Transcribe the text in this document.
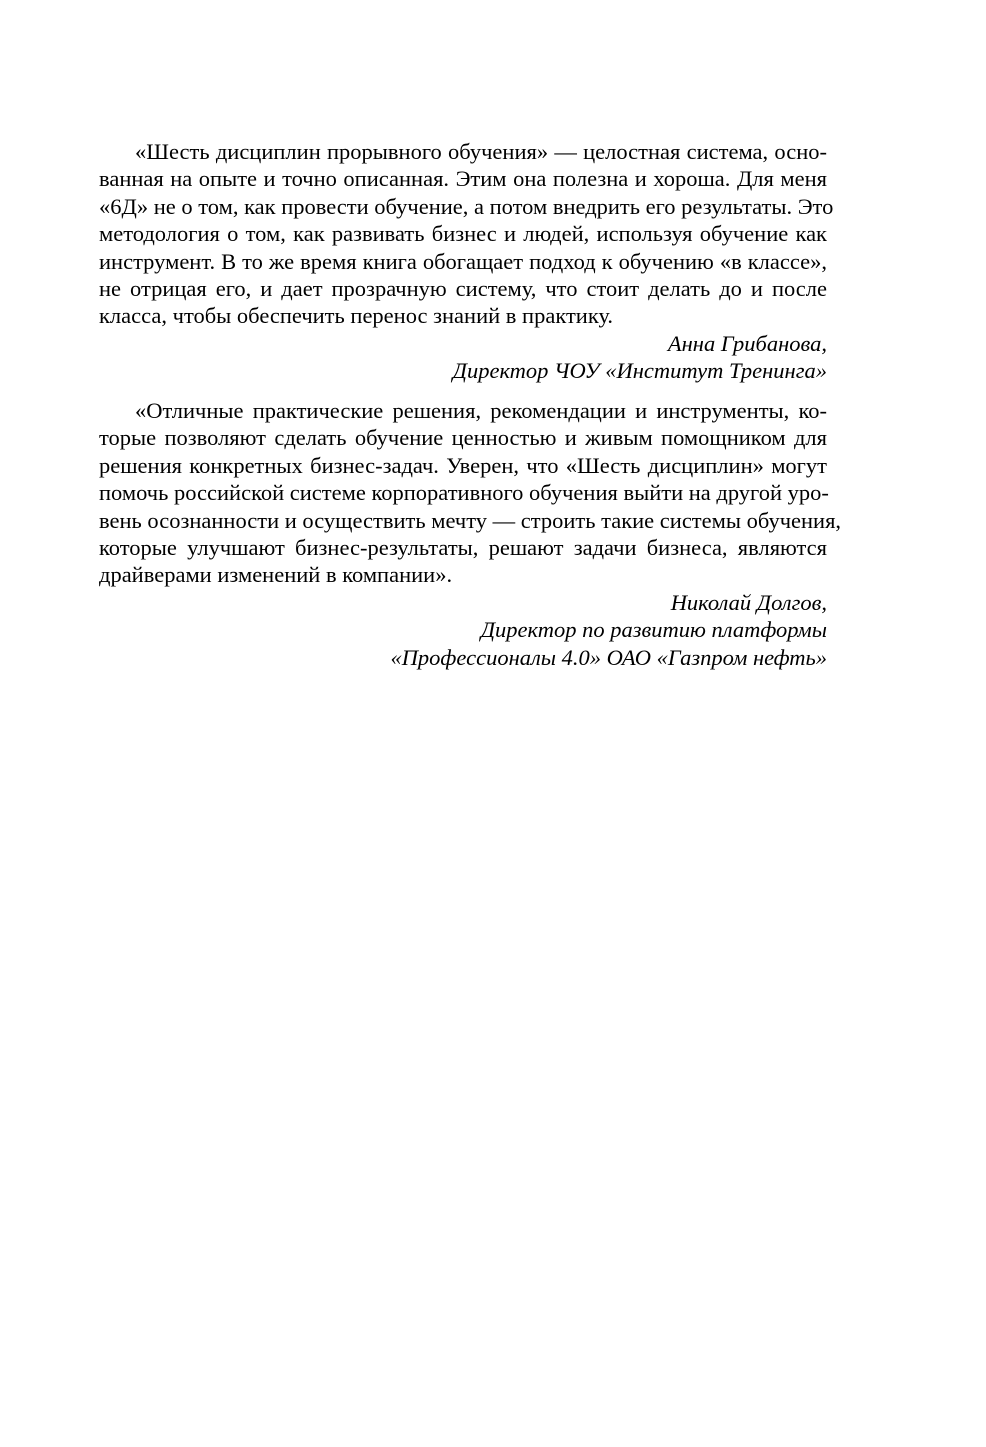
«Шесть дисциплин прорывного обучения» — целостная система, осно-
ванная на опыте и точно описанная. Этим она полезна и хороша. Для меня
«6Д» не о том, как провести обучение, а потом внедрить его результаты. Это
методология о том, как развивать бизнес и людей, используя обучение как
инструмент. В то же время книга обогащает подход к обучению «в классе»,
не отрицая его, и дает прозрачную систему, что стоит делать до и после
класса, чтобы обеспечить перенос знаний в практику.
Анна Грибанова,
Директор ЧОУ «Институт Тренинга»
«Отличные практические решения, рекомендации и инструменты, ко-
торые позволяют сделать обучение ценностью и живым помощником для
решения конкретных бизнес-задач. Уверен, что «Шесть дисциплин» могут
помочь российской системе корпоративного обучения выйти на другой уро-
вень осознанности и осуществить мечту — строить такие системы обучения,
которые улучшают бизнес-результаты, решают задачи бизнеса, являются
драйверами изменений в компании».
Николай Долгов,
Директор по развитию платформы
«Профессионалы 4.0» ОАО «Газпром нефть»
